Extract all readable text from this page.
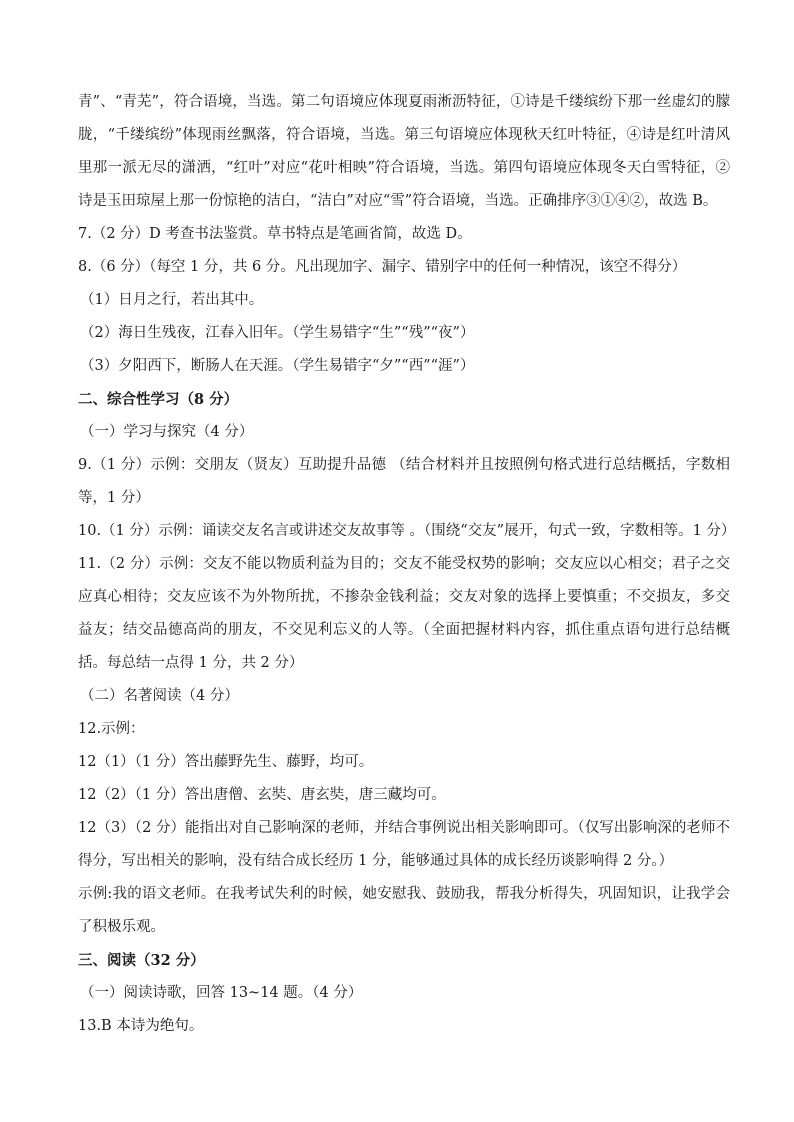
青”、“青芜”，符合语境，当选。第二句语境应体现夏雨淅沥特征，①诗是千缕缤纷下那一丝虚幻的朦胧，“千缕缤纷”体现雨丝飘落，符合语境，当选。第三句语境应体现秋天红叶特征，④诗是红叶清风里那一派无尽的潇洒，“红叶”对应“花叶相映”符合语境，当选。第四句语境应体现冬天白雪特征，②诗是玉田琼屋上那一份惊艳的洁白，“洁白”对应“雪”符合语境，当选。正确排序③①④②，故选 B。

7.（2 分）D 考查书法鉴赏。草书特点是笔画省简，故选 D。

8.（6 分）（每空 1 分，共 6 分。凡出现加字、漏字、错别字中的任何一种情况，该空不得分）

（1）日月之行，若出其中。

（2）海日生残夜，江春入旧年。（学生易错字“生”“残”“夜”）

（3）夕阳西下，断肠人在天涯。（学生易错字“夕”“西”“涯”）

二、综合性学习（8 分）

（一）学习与探究（4 分）

9.（1 分）示例：交朋友（贤友）互助提升品德 （结合材料并且按照例句格式进行总结概括，字数相等，1 分）

10.（1 分）示例：诵读交友名言或讲述交友故事等 。（围绕“交友”展开，句式一致，字数相等。1 分）

11.（2 分）示例：交友不能以物质利益为目的；交友不能受权势的影响；交友应以心相交；君子之交应真心相待；交友应该不为外物所扰，不掺杂金钱利益；交友对象的选择上要慎重；不交损友，多交益友；结交品德高尚的朋友，不交见利忘义的人等。（全面把握材料内容，抓住重点语句进行总结概括。每总结一点得 1 分，共 2 分）

（二）名著阅读（4 分）

12.示例：

12（1）（1 分）答出藤野先生、藤野，均可。

12（2）（1 分）答出唐僧、玄奘、唐玄奘，唐三藏均可。

12（3）（2 分）能指出对自己影响深的老师，并结合事例说出相关影响即可。（仅写出影响深的老师不得分，写出相关的影响，没有结合成长经历 1 分，能够通过具体的成长经历谈影响得 2 分。）

示例:我的语文老师。在我考试失利的时候，她安慰我、鼓励我，帮我分析得失，巩固知识，让我学会了积极乐观。

三、阅读（32 分）

（一）阅读诗歌，回答 13~14 题。（4 分）

13.B 本诗为绝句。
